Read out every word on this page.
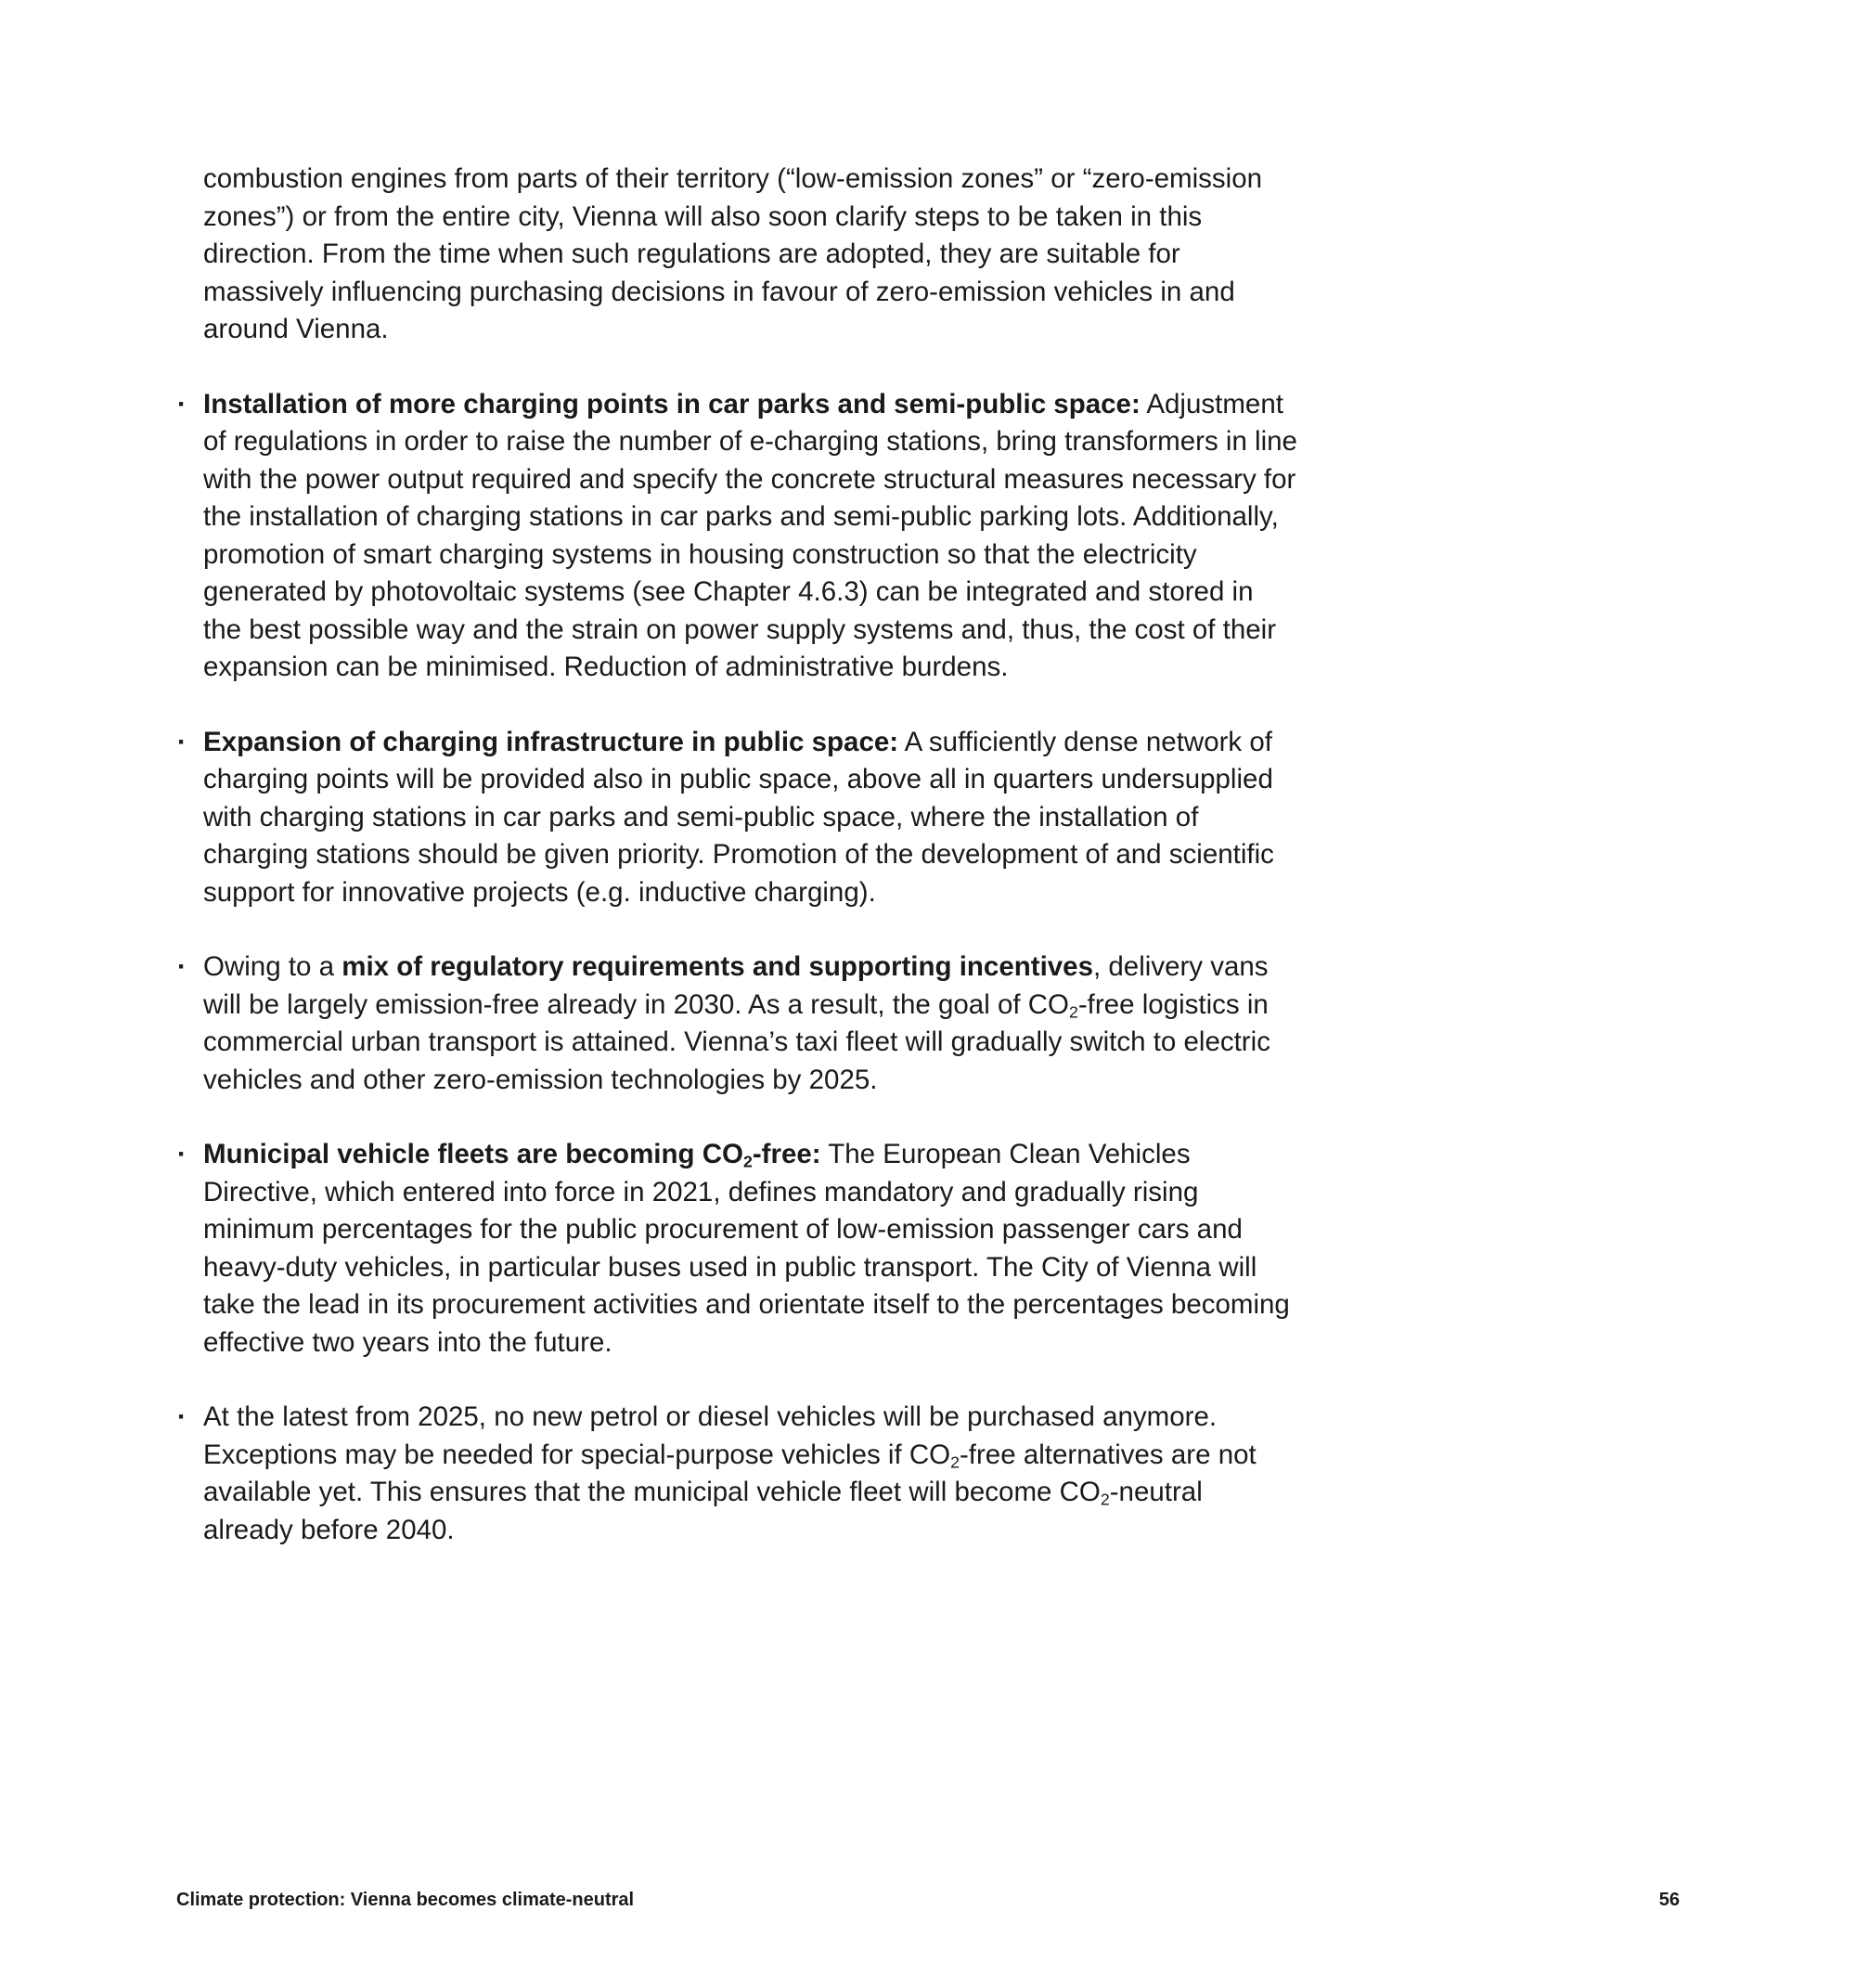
combustion engines from parts of their territory (“low-emission zones” or “zero-emission zones”) or from the entire city, Vienna will also soon clarify steps to be taken in this direction. From the time when such regulations are adopted, they are suitable for massively influencing purchasing decisions in favour of zero-emission vehicles in and around Vienna.

· Installation of more charging points in car parks and semi-public space: Adjustment of regulations in order to raise the number of e-charging stations, bring transformers in line with the power output required and specify the concrete structural measures necessary for the installation of charging stations in car parks and semi-public parking lots. Additionally, promotion of smart charging systems in housing construction so that the electricity generated by photovoltaic systems (see Chapter 4.6.3) can be integrated and stored in the best possible way and the strain on power supply systems and, thus, the cost of their expansion can be minimised. Reduction of administrative burdens.
· Expansion of charging infrastructure in public space: A sufficiently dense network of charging points will be provided also in public space, above all in quarters undersupplied with charging stations in car parks and semi-public space, where the installation of charging stations should be given priority. Promotion of the development of and scientific support for innovative projects (e.g. inductive charging).
· Owing to a mix of regulatory requirements and supporting incentives, delivery vans will be largely emission-free already in 2030. As a result, the goal of $CO_2$-free logistics in commercial urban transport is attained. Vienna’s taxi fleet will gradually switch to electric vehicles and other zero-emission technologies by 2025.
· Municipal vehicle fleets are becoming $CO_2$-free: The European Clean Vehicles Directive, which entered into force in 2021, defines mandatory and gradually rising minimum percentages for the public procurement of low-emission passenger cars and heavy-duty vehicles, in particular buses used in public transport. The City of Vienna will take the lead in its procurement activities and orientate itself to the percentages becoming effective two years into the future.
· At the latest from 2025, no new petrol or diesel vehicles will be purchased anymore. Exceptions may be needed for special-purpose vehicles if $CO_2$-free alternatives are not available yet. This ensures that the municipal vehicle fleet will become $CO_2$-neutral already before 2040.
Climate protection: Vienna becomes climate-neutral	56
